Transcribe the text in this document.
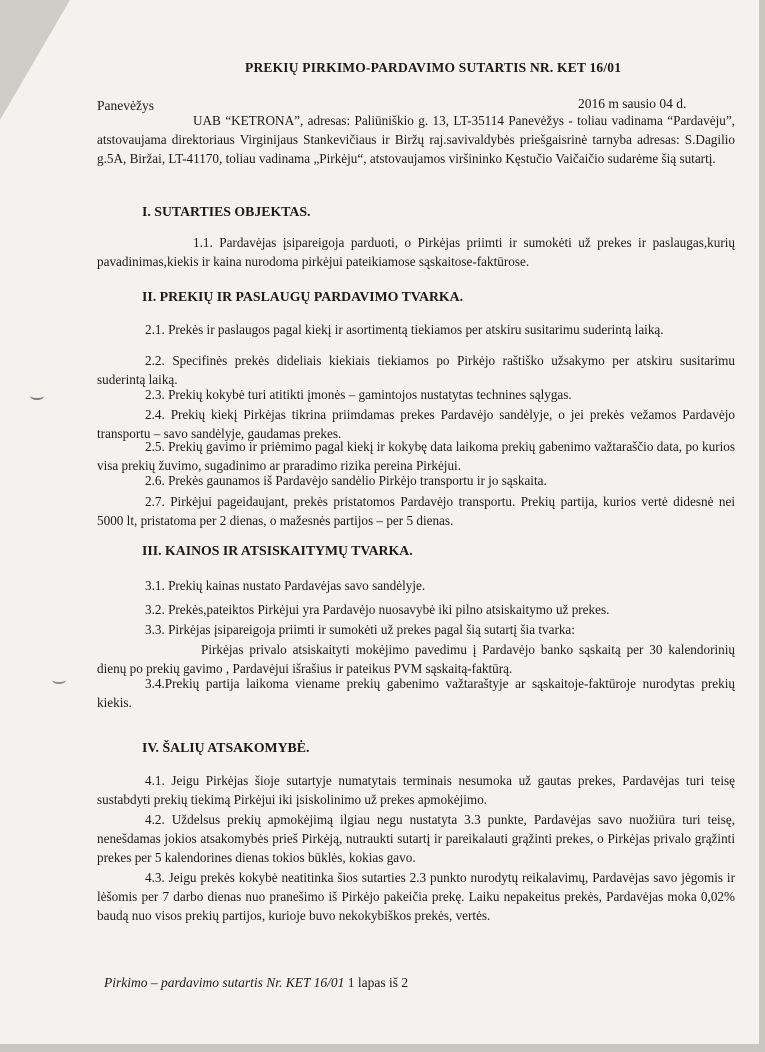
PREKIŲ PIRKIMO-PARDAVIMO SUTARTIS NR. KET 16/01
Panevėžys	2016 m sausio 04 d.
UAB “KETRONA”, adresas: Paliūniškio g. 13, LT-35114 Panevėžys - toliau vadinama “Pardavėju”, atstovaujama direktoriaus Virginijaus Stankevičiaus ir Biržų raj.savivaldybės priešgaisrinė tarnyba adresas: S.Dagilio g.5A, Biržai, LT-41170, toliau vadinama „Pirkėju“, atstovaujamos viršininko Kęstučio Vaičaičio sudarėme šią sutartį.
I. SUTARTIES OBJEKTAS.
1.1. Pardavėjas įsipareigoja parduoti, o Pirkėjas priimti ir sumokėti už prekes ir paslaugas,kurių pavadinimas,kiekis ir kaina nurodoma pirkėjui pateikiamose sąskaitose-faktūrose.
II. PREKIŲ IR PASLAUGŲ PARDAVIMO TVARKA.
2.1. Prekės ir paslaugos pagal kiekį ir asortimentą tiekiamos per atskiru susitarimu suderintą laiką.
2.2. Specifinės prekės dideliais kiekiais tiekiamos po Pirkėjo raštiško užsakymo per atskiru susitarimu suderintą laiką.
2.3. Prekių kokybė turi atitikti įmonės – gamintojos nustatytas technines sąlygas.
2.4. Prekių kiekį Pirkėjas tikrina priimdamas prekes Pardavėjo sandėlyje, o jei prekės vežamos Pardavėjo transportu – savo sandėlyje, gaudamas prekes.
2.5. Prekių gavimo ir priėmimo pagal kiekį ir kokybę data laikoma prekių gabenimo važtaraščio data, po kurios visa prekių žuvimo, sugadinimo ar praradimo rizika pereina Pirkėjui.
2.6. Prekės gaunamos iš Pardavėjo sandėlio Pirkėjo transportu ir jo sąskaita.
2.7. Pirkėjui pageidaujant, prekės pristatomos Pardavėjo transportu. Prekių partija, kurios vertė didesnė nei 5000 lt, pristatoma per 2 dienas, o mažesnės partijos – per 5 dienas.
III. KAINOS IR ATSISKAITYMŲ TVARKA.
3.1. Prekių kainas nustato Pardavėjas savo sandėlyje.
3.2. Prekės,pateiktos Pirkėjui yra Pardavėjo nuosavybė iki pilno atsiskaitymo už prekes.
3.3. Pirkėjas įsipareigoja priimti ir sumokėti už prekes pagal šią sutartį šia tvarka:
Pirkėjas privalo atsiskaityti mokėjimo pavedimu į Pardavėjo banko sąskaitą per 30 kalendorinių dienų po prekių gavimo , Pardavėjui išrašius ir pateikus PVM sąskaitą-faktūrą.
3.4.Prekių partija laikoma viename prekių gabenimo važtaraštyje ar sąskaitoje-faktūroje nurodytas prekių kiekis.
IV. ŠALIŲ ATSAKOMYBĖ.
4.1. Jeigu Pirkėjas šioje sutartyje numatytais terminais nesumoka už gautas prekes, Pardavėjas turi teisę sustabdyti prekių tiekimą Pirkėjui iki įsiskolinimo už prekes apmokėjimo.
4.2. Uždelsus prekių apmokėjimą ilgiau negu nustatyta 3.3 punkte, Pardavėjas savo nuožiūra turi teisę, nenešdamas jokios atsakomybės prieš Pirkėją, nutraukti sutartį ir pareikalauti grąžinti prekes, o Pirkėjas privalo grąžinti prekes per 5 kalendorines dienas tokios būklės, kokias gavo.
4.3. Jeigu prekės kokybė neatitinka šios sutarties 2.3 punkto nurodytų reikalavimų, Pardavėjas savo jėgomis ir lėšomis per 7 darbo dienas nuo pranešimo iš Pirkėjo pakeičia prekę. Laiku nepakeitus prekės, Pardavėjas moka 0,02% baudą nuo visos prekių partijos, kurioje buvo nekokybiškos prekės, vertės.
Pirkimo – pardavimo sutartis Nr. KET 16/01 1 lapas iš 2
